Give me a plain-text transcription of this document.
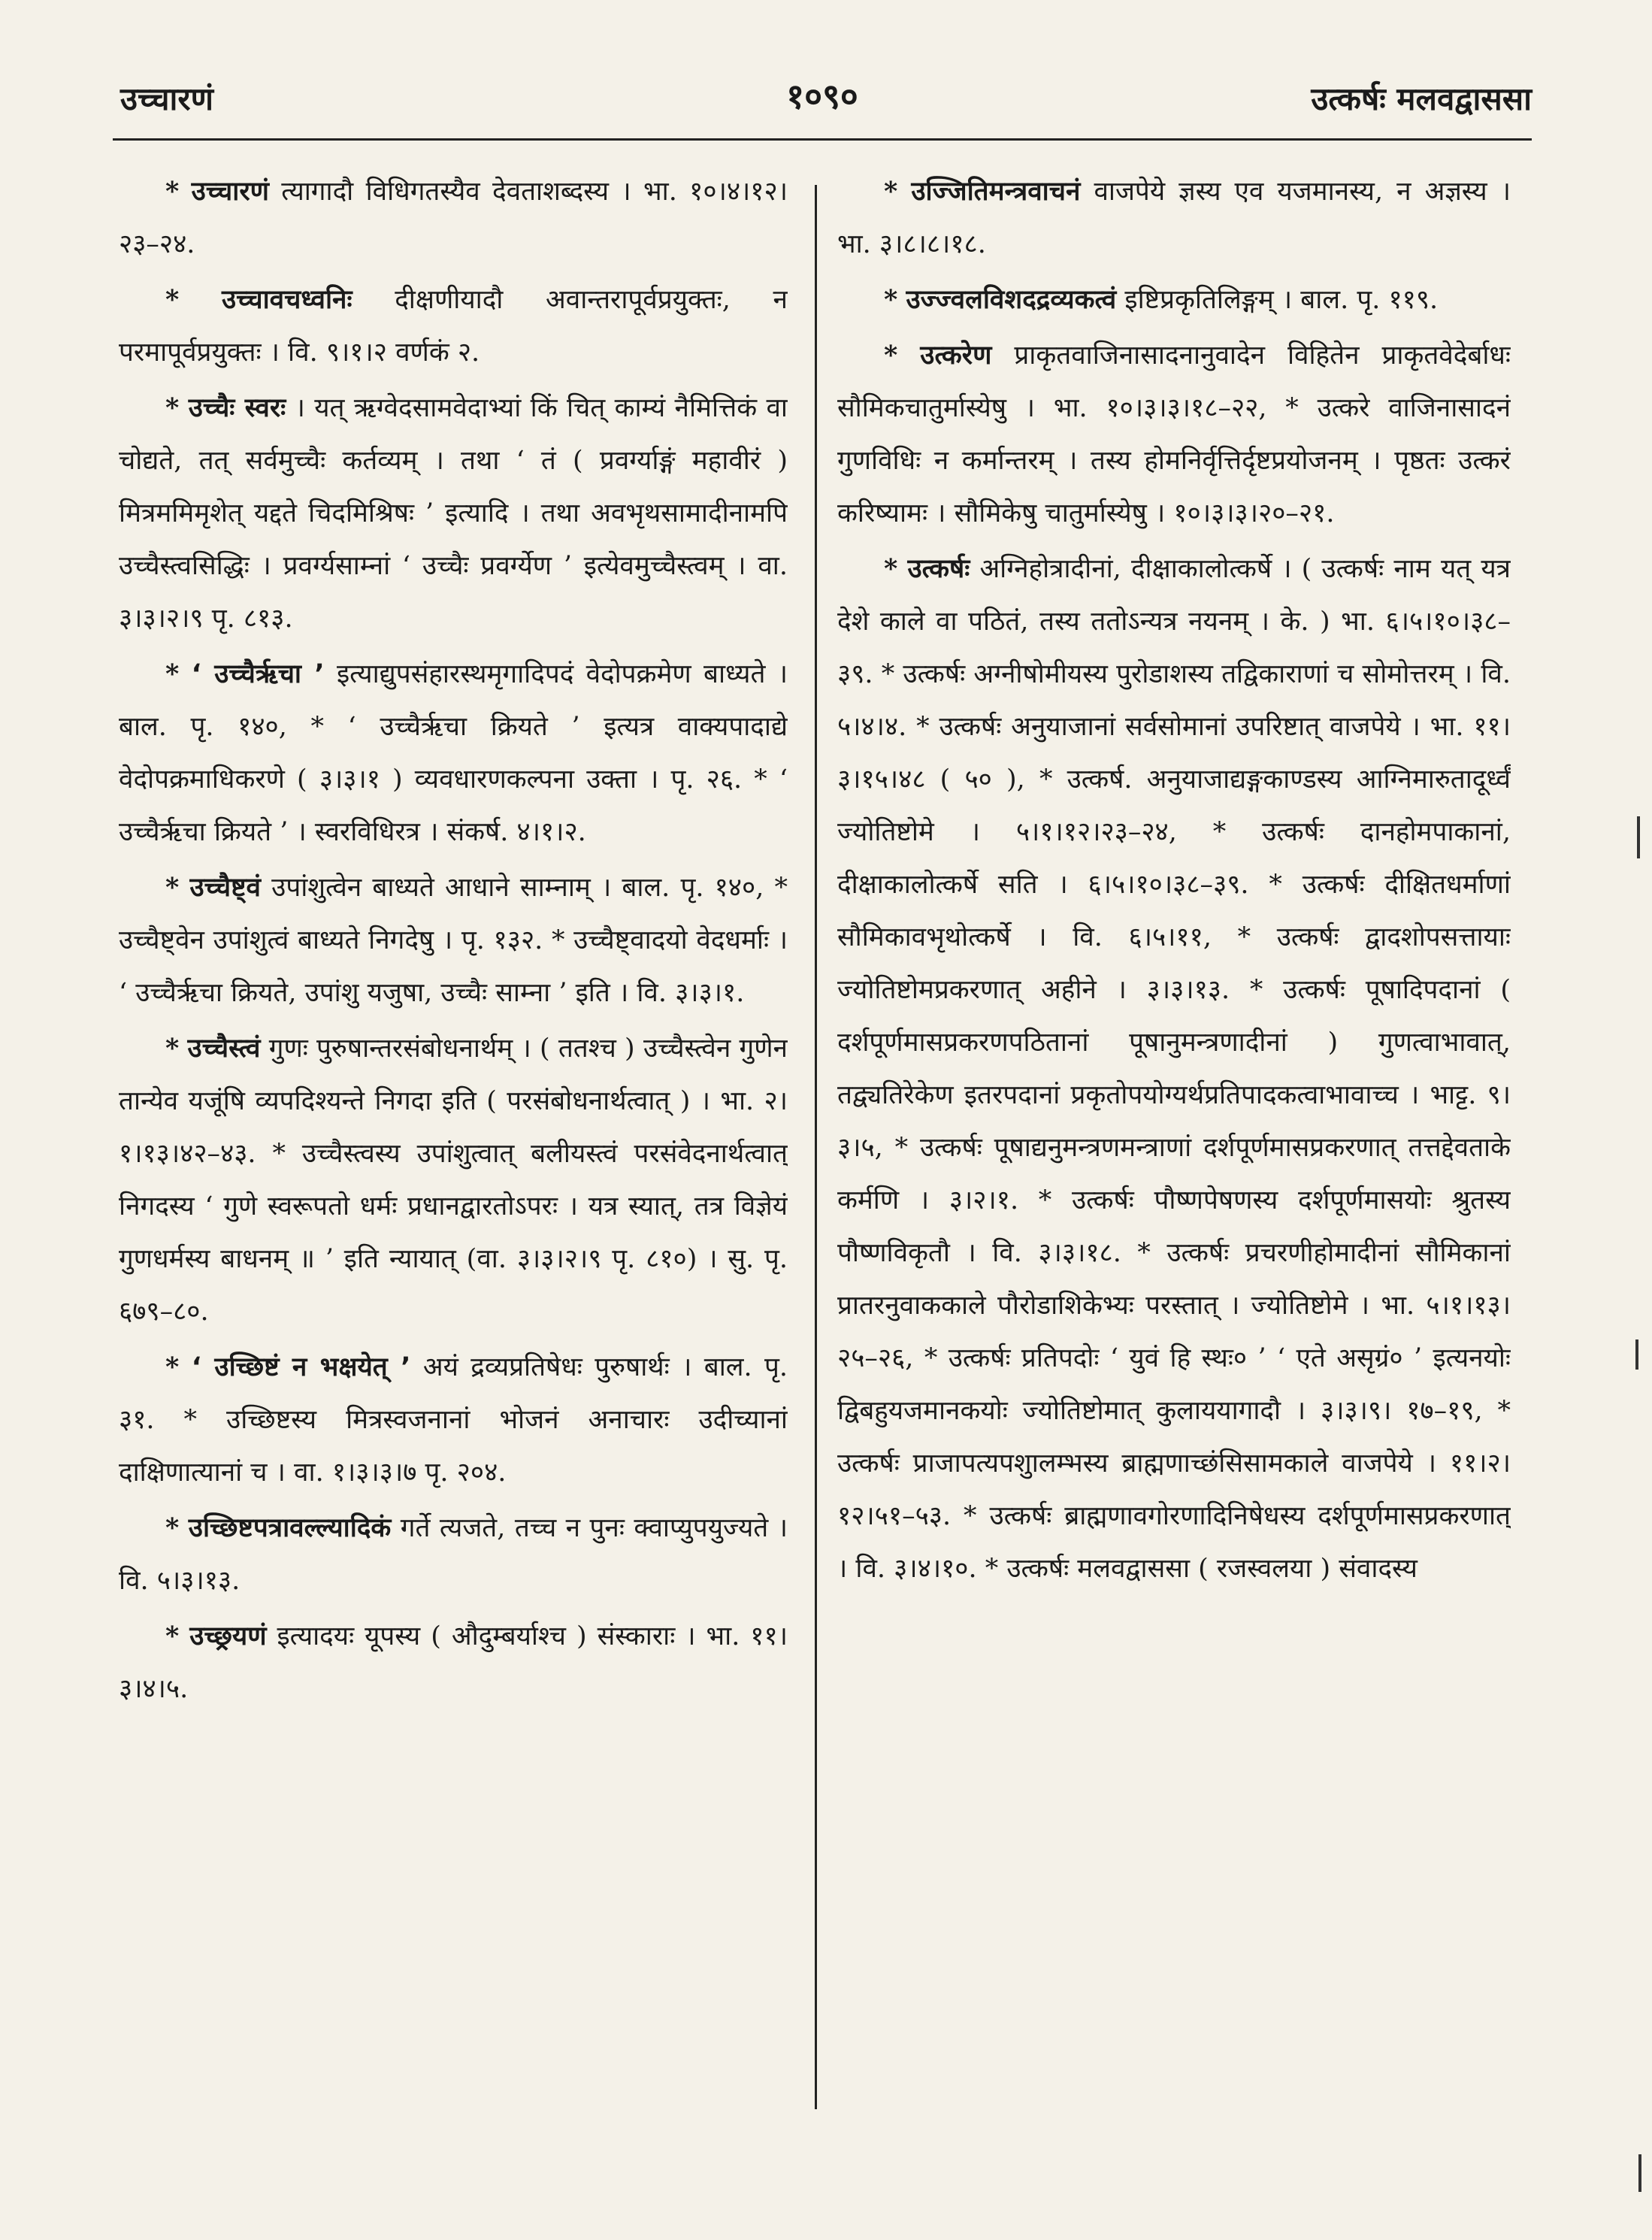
उच्चारणं	१०९०	उत्कर्षः मलवद्वाससा

* उच्चारणं त्यागादौ विधिगतस्यैव देवताशब्दस्य । भा. १०।४।१२।२३–२४.

* उच्चावचध्वनिः दीक्षणीयादौ अवान्तरापूर्वप्रयुक्तः, न परमापूर्वप्रयुक्तः । वि. ९।१।२ वर्णकं २.

* उच्चैः स्वरः । यत् ऋग्वेदसामवेदाभ्यां किं चित् काम्यं नैमित्तिकं वा चोद्यते, तत् सर्वमुच्चैः कर्तव्यम् । तथा ‘ तं ( प्रवर्ग्याङ्गं महावीरं ) मित्रममिमृशेत् यद्दते चिदमिश्रिषः ’ इत्यादि । तथा अवभृथसामादीनामपि उच्चैस्त्वसिद्धिः । प्रवर्ग्यसाम्नां ‘ उच्चैः प्रवर्ग्येण ’ इत्येवमुच्चैस्त्वम् । वा. ३।३।२।९ पृ. ८१३.

* ‘ उच्चैर्ऋचा ’ इत्याद्युपसंहारस्थमृगादिपदं वेदोपक्रमेण बाध्यते । बाल. पृ. १४०, * ‘ उच्चैर्ऋचा क्रियते ’ इत्यत्र वाक्यपादाद्ये वेदोपक्रमाधिकरणे ( ३।३।१ ) व्यवधारणकल्पना उक्ता । पृ. २६. * ‘ उच्चैर्ऋचा क्रियते ’ । स्वरविधिरत्र । संकर्ष. ४।१।२.

* उच्चैष्ट्वं उपांशुत्वेन बाध्यते आधाने साम्नाम् । बाल. पृ. १४०, * उच्चैष्ट्वेन उपांशुत्वं बाध्यते निगदेषु । पृ. १३२. * उच्चैष्ट्वादयो वेदधर्माः । ‘ उच्चैर्ऋचा क्रियते, उपांशु यजुषा, उच्चैः साम्ना ’ इति । वि. ३।३।१.

* उच्चैस्त्वं गुणः पुरुषान्तरसंबोधनार्थम् । ( ततश्च ) उच्चैस्त्वेन गुणेन तान्येव यजूंषि व्यपदिश्यन्ते निगदा इति ( परसंबोधनार्थत्वात् ) । भा. २।१।१३।४२–४३. * उच्चैस्त्वस्य उपांशुत्वात् बलीयस्त्वं परसंवेदनार्थत्वात् निगदस्य ‘ गुणे स्वरूपतो धर्मः प्रधानद्वारतोऽपरः । यत्र स्यात्, तत्र विज्ञेयं गुणधर्मस्य बाधनम् ॥ ’ इति न्यायात् (वा. ३।३।२।९ पृ. ८१०) । सु. पृ. ६७९–८०.

* ‘ उच्छिष्टं न भक्षयेत् ’ अयं द्रव्यप्रतिषेधः पुरुषार्थः । बाल. पृ. ३१. * उच्छिष्टस्य मित्रस्वजनानां भोजनं अनाचारः उदीच्यानां दाक्षिणात्यानां च । वा. १।३।३।७ पृ. २०४.

* उच्छिष्टपत्रावल्ल्यादिकं गर्ते त्यजते, तच्च न पुनः क्वाप्युपयुज्यते । वि. ५।३।१३.

* उच्छ्रयणं इत्यादयः यूपस्य ( औदुम्बर्याश्च ) संस्काराः । भा. ११।३।४।५.

* उज्जितिमन्त्रवाचनं वाजपेये ज्ञस्य एव यजमानस्य, न अज्ञस्य । भा. ३।८।८।१८.

* उज्ज्वलविशदद्रव्यकत्वं इष्टिप्रकृतिलिङ्गम् । बाल. पृ. ११९.

* उत्करेण प्राकृतवाजिनासादनानुवादेन विहितेन प्राकृतवेदेर्बाधः सौमिकचातुर्मास्येषु । भा. १०।३।३।१८–२२, * उत्करे वाजिनासादनं गुणविधिः न कर्मान्तरम् । तस्य होमनिर्वृत्तिर्दृष्टप्रयोजनम् । पृष्ठतः उत्करं करिष्यामः । सौमिकेषु चातुर्मास्येषु । १०।३।३।२०–२१.

* उत्कर्षः अग्निहोत्रादीनां, दीक्षाकालोत्कर्षे । ( उत्कर्षः नाम यत् यत्र देशे काले वा पठितं, तस्य ततोऽन्यत्र नयनम् । के. ) भा. ६।५।१०।३८–३९. * उत्कर्षः अग्नीषोमीयस्य पुरोडाशस्य तद्विकाराणां च सोमोत्तरम् । वि. ५।४।४. * उत्कर्षः अनुयाजानां सर्वसोमानां उपरिष्टात् वाजपेये । भा. ११।३।१५।४८ ( ५० ), * उत्कर्ष. अनुयाजाद्यङ्गकाण्डस्य आग्निमारुतादूर्ध्वं ज्योतिष्टोमे । ५।१।१२।२३–२४, * उत्कर्षः दानहोमपाकानां, दीक्षाकालोत्कर्षे सति । ६।५।१०।३८–३९. * उत्कर्षः दीक्षितधर्माणां सौमिकावभृथोत्कर्षे । वि. ६।५।११, * उत्कर्षः द्वादशोपसत्तायाः ज्योतिष्टोमप्रकरणात् अहीने । ३।३।१३. * उत्कर्षः पूषादिपदानां ( दर्शपूर्णमासप्रकरणपठितानां पूषानुमन्त्रणादीनां ) गुणत्वाभावात्, तद्व्यतिरेकेण इतरपदानां प्रकृतोपयोग्यर्थप्रतिपादकत्वाभावाच्च । भाट्ट. ९।३।५, * उत्कर्षः पूषाद्यनुमन्त्रणमन्त्राणां दर्शपूर्णमासप्रकरणात् तत्तद्देवताके कर्मणि । ३।२।१. * उत्कर्षः पौष्णपेषणस्य दर्शपूर्णमासयोः श्रुतस्य पौष्णविकृतौ । वि. ३।३।१८. * उत्कर्षः प्रचरणीहोमादीनां सौमिकानां प्रातरनुवाककाले पौरोडाशिकेभ्यः परस्तात् । ज्योतिष्टोमे । भा. ५।१।१३।२५–२६, * उत्कर्षः प्रतिपदोः ‘ युवं हि स्थः० ’ ‘ एते असृग्रं० ’ इत्यनयोः द्विबहुयजमानकयोः ज्योतिष्टोमात् कुलाययागादौ । ३।३।९। १७–१९, * उत्कर्षः प्राजापत्यपशुालम्भस्य ब्राह्मणाच्छंसिसामकाले वाजपेये । ११।२।१२।५१–५३. * उत्कर्षः ब्राह्मणावगोरणादिनिषेधस्य दर्शपूर्णमासप्रकरणात् । वि. ३।४।१०. * उत्कर्षः मलवद्वाससा ( रजस्वलया ) संवादस्य
